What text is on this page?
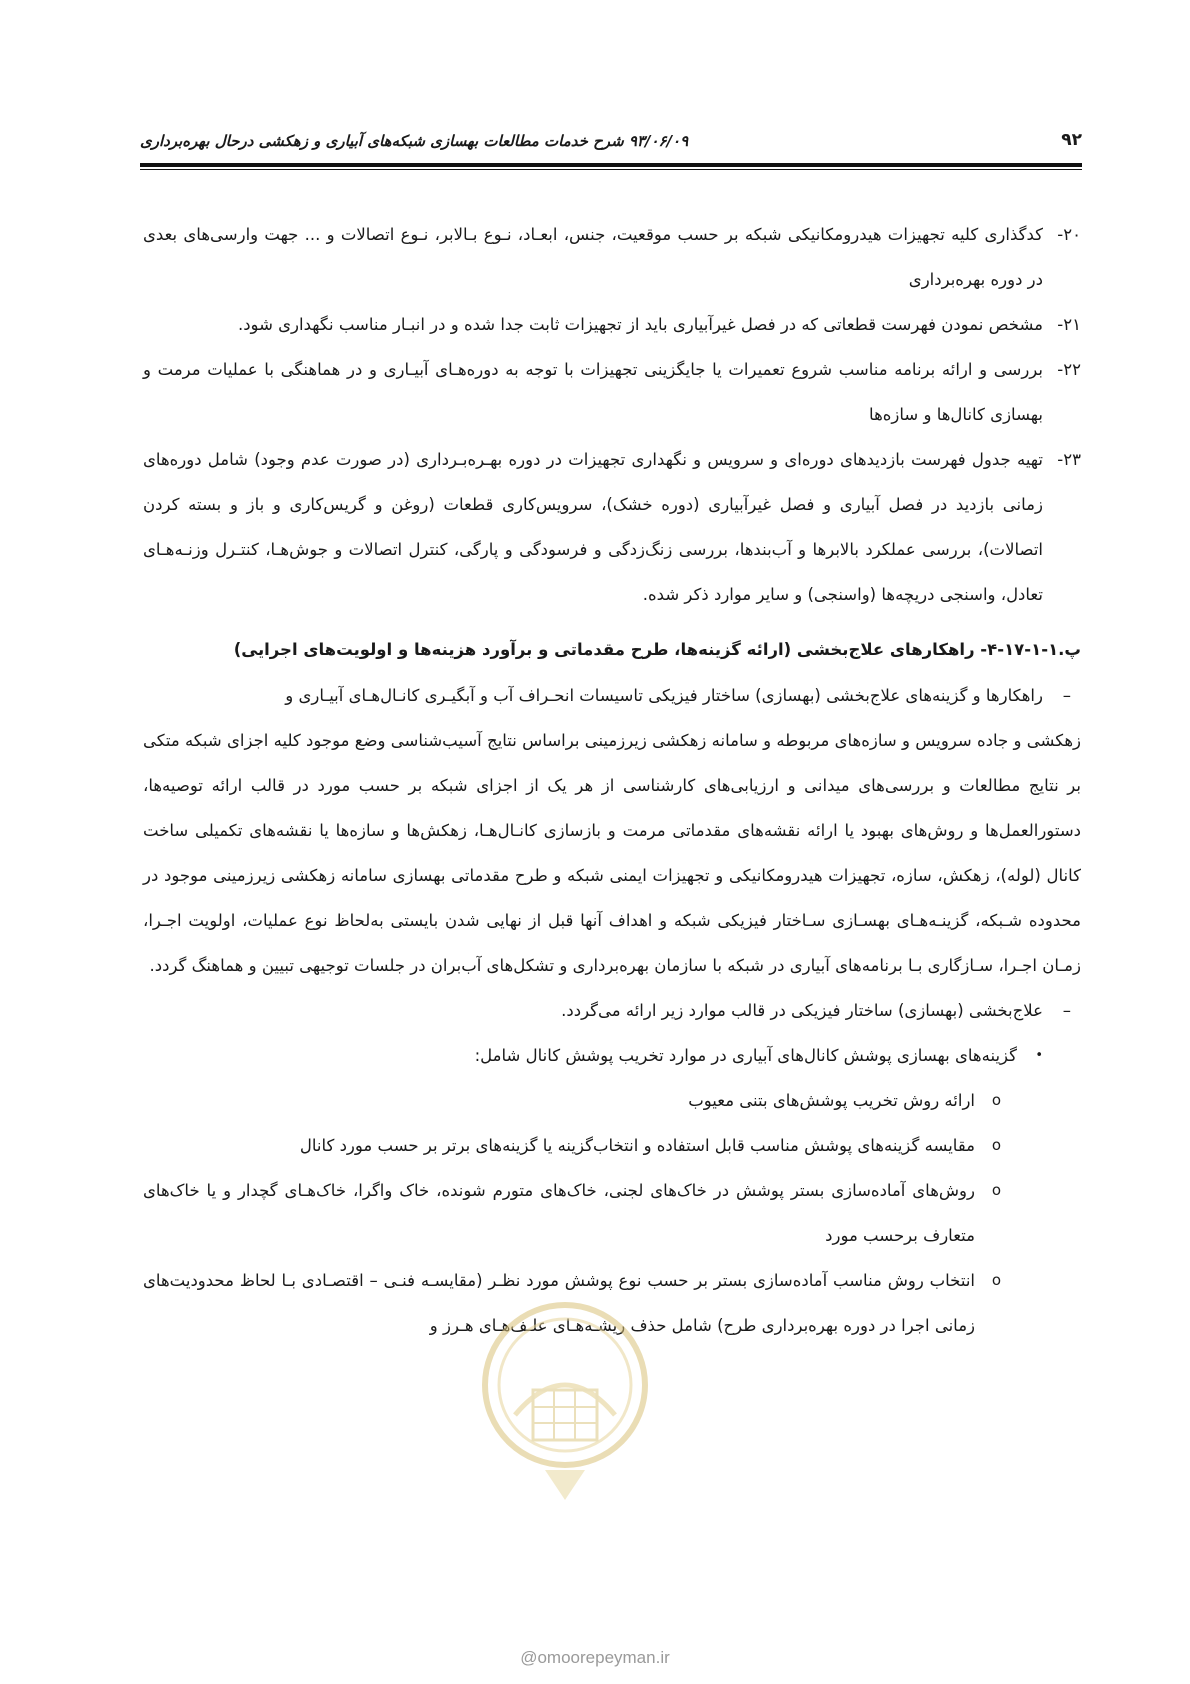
۹۲
۹۳/۰۶/۰۹ شرح خدمات مطالعات بهسازی شبکه‌های آبیاری و زهکشی درحال بهره‌برداری
۲۰-
کدگذاری کلیه تجهیزات هیدرومکانیکی شبکه بر حسب موقعیت، جنس، ابعـاد، نـوع بـالابر، نـوع اتصالات و ... جهت وارسی‌های بعدی در دوره بهره‌برداری
۲۱-
مشخص نمودن فهرست قطعاتی که در فصل غیرآبیاری باید از تجهیزات ثابت جدا شده و در انبـار مناسب نگهداری شود.
۲۲-
بررسی و ارائه برنامه مناسب شروع تعمیرات یا جایگزینی تجهیزات با توجه به دوره‌هـای آبیـاری و در هماهنگی با عملیات مرمت و بهسازی کانال‌ها و سازه‌ها
۲۳-
تهیه جدول فهرست بازدیدهای دوره‌ای و سرویس و نگهداری تجهیزات در دوره بهـره‌بـرداری (در صورت عدم وجود) شامل دوره‌های زمانی بازدید در فصل آبیاری و فصل غیرآبیاری (دوره خشک)، سرویس‌کاری قطعات (روغن و گریس‌کاری و باز و بسته کردن اتصالات)، بررسی عملکرد بالابرها و آب‌بندها، بررسی زنگ‌زدگی و فرسودگی و پارگی، کنترل اتصالات و جوش‌هـا، کنتـرل وزنـه‌هـای تعادل، واسنجی دریچه‌ها (واسنجی) و سایر موارد ذکر شده.
پ.۱-۱-۱۷-۴- راهکارهای علاج‌بخشی (ارائه گزینه‌ها، طرح مقدماتی و برآورد هزینه‌ها و اولویت‌های اجرایی)
–
راهکارها و گزینه‌های علاج‌بخشی (بهسازی) ساختار فیزیکی تاسیسات انحـراف آب و آبگیـری کانـال‌هـای آبیـاری و
زهکشی و جاده سرویس و سازه‌های مربوطه و سامانه زهکشی زیرزمینی براساس نتایج آسیب‌شناسی وضع موجود کلیه اجزای شبکه متکی بر نتایج مطالعات و بررسی‌های میدانی و ارزیابی‌های کارشناسی از هر یک از اجزای شبکه بر حسب مورد در قالب ارائه توصیه‌ها، دستورالعمل‌ها و روش‌های بهبود یا ارائه نقشه‌های مقدماتی مرمت و بازسازی کانـال‌هـا، زهکش‌ها و سازه‌ها یا نقشه‌های تکمیلی ساخت کانال (لوله)، زهکش، سازه، تجهیزات هیدرومکانیکی و تجهیزات ایمنی شبکه و طرح مقدماتی بهسازی سامانه زهکشی زیرزمینی موجود در محدوده شـبکه، گزینـه‌هـای بهسـازی سـاختار فیزیکی شبکه و اهداف آنها قبل از نهایی شدن بایستی به‌لحاظ نوع عملیات، اولویت اجـرا، زمـان اجـرا، سـازگاری بـا برنامه‌های آبیاری در شبکه با سازمان بهره‌برداری و تشکل‌های آب‌بران در جلسات توجیهی تبیین و هماهنگ گردد.
–
علاج‌بخشی (بهسازی) ساختار فیزیکی در قالب موارد زیر ارائه می‌گردد.
•
گزینه‌های بهسازی پوشش کانال‌های آبیاری در موارد تخریب پوشش کانال شامل:
o
ارائه روش تخریب پوشش‌های بتنی معیوب
o
مقایسه گزینه‌های پوشش مناسب قابل استفاده و انتخاب‌گزینه یا گزینه‌های برتر بر حسب مورد کانال
o
روش‌های آماده‌سازی بستر پوشش در خاک‌های لجنی، خاک‌های متورم شونده، خاک واگرا، خاک‌هـای گچدار و یا خاک‌های متعارف برحسب مورد
o
انتخاب روش مناسب آماده‌سازی بستر بر حسب نوع پوشش مورد نظـر (مقایسـه فنـی – اقتصـادی بـا لحاظ محدودیت‌های زمانی اجرا در دوره بهره‌برداری طرح) شامل حذف ریشـه‌هـای علـف‌هـای هـرز و
@omoorepeyman.ir
